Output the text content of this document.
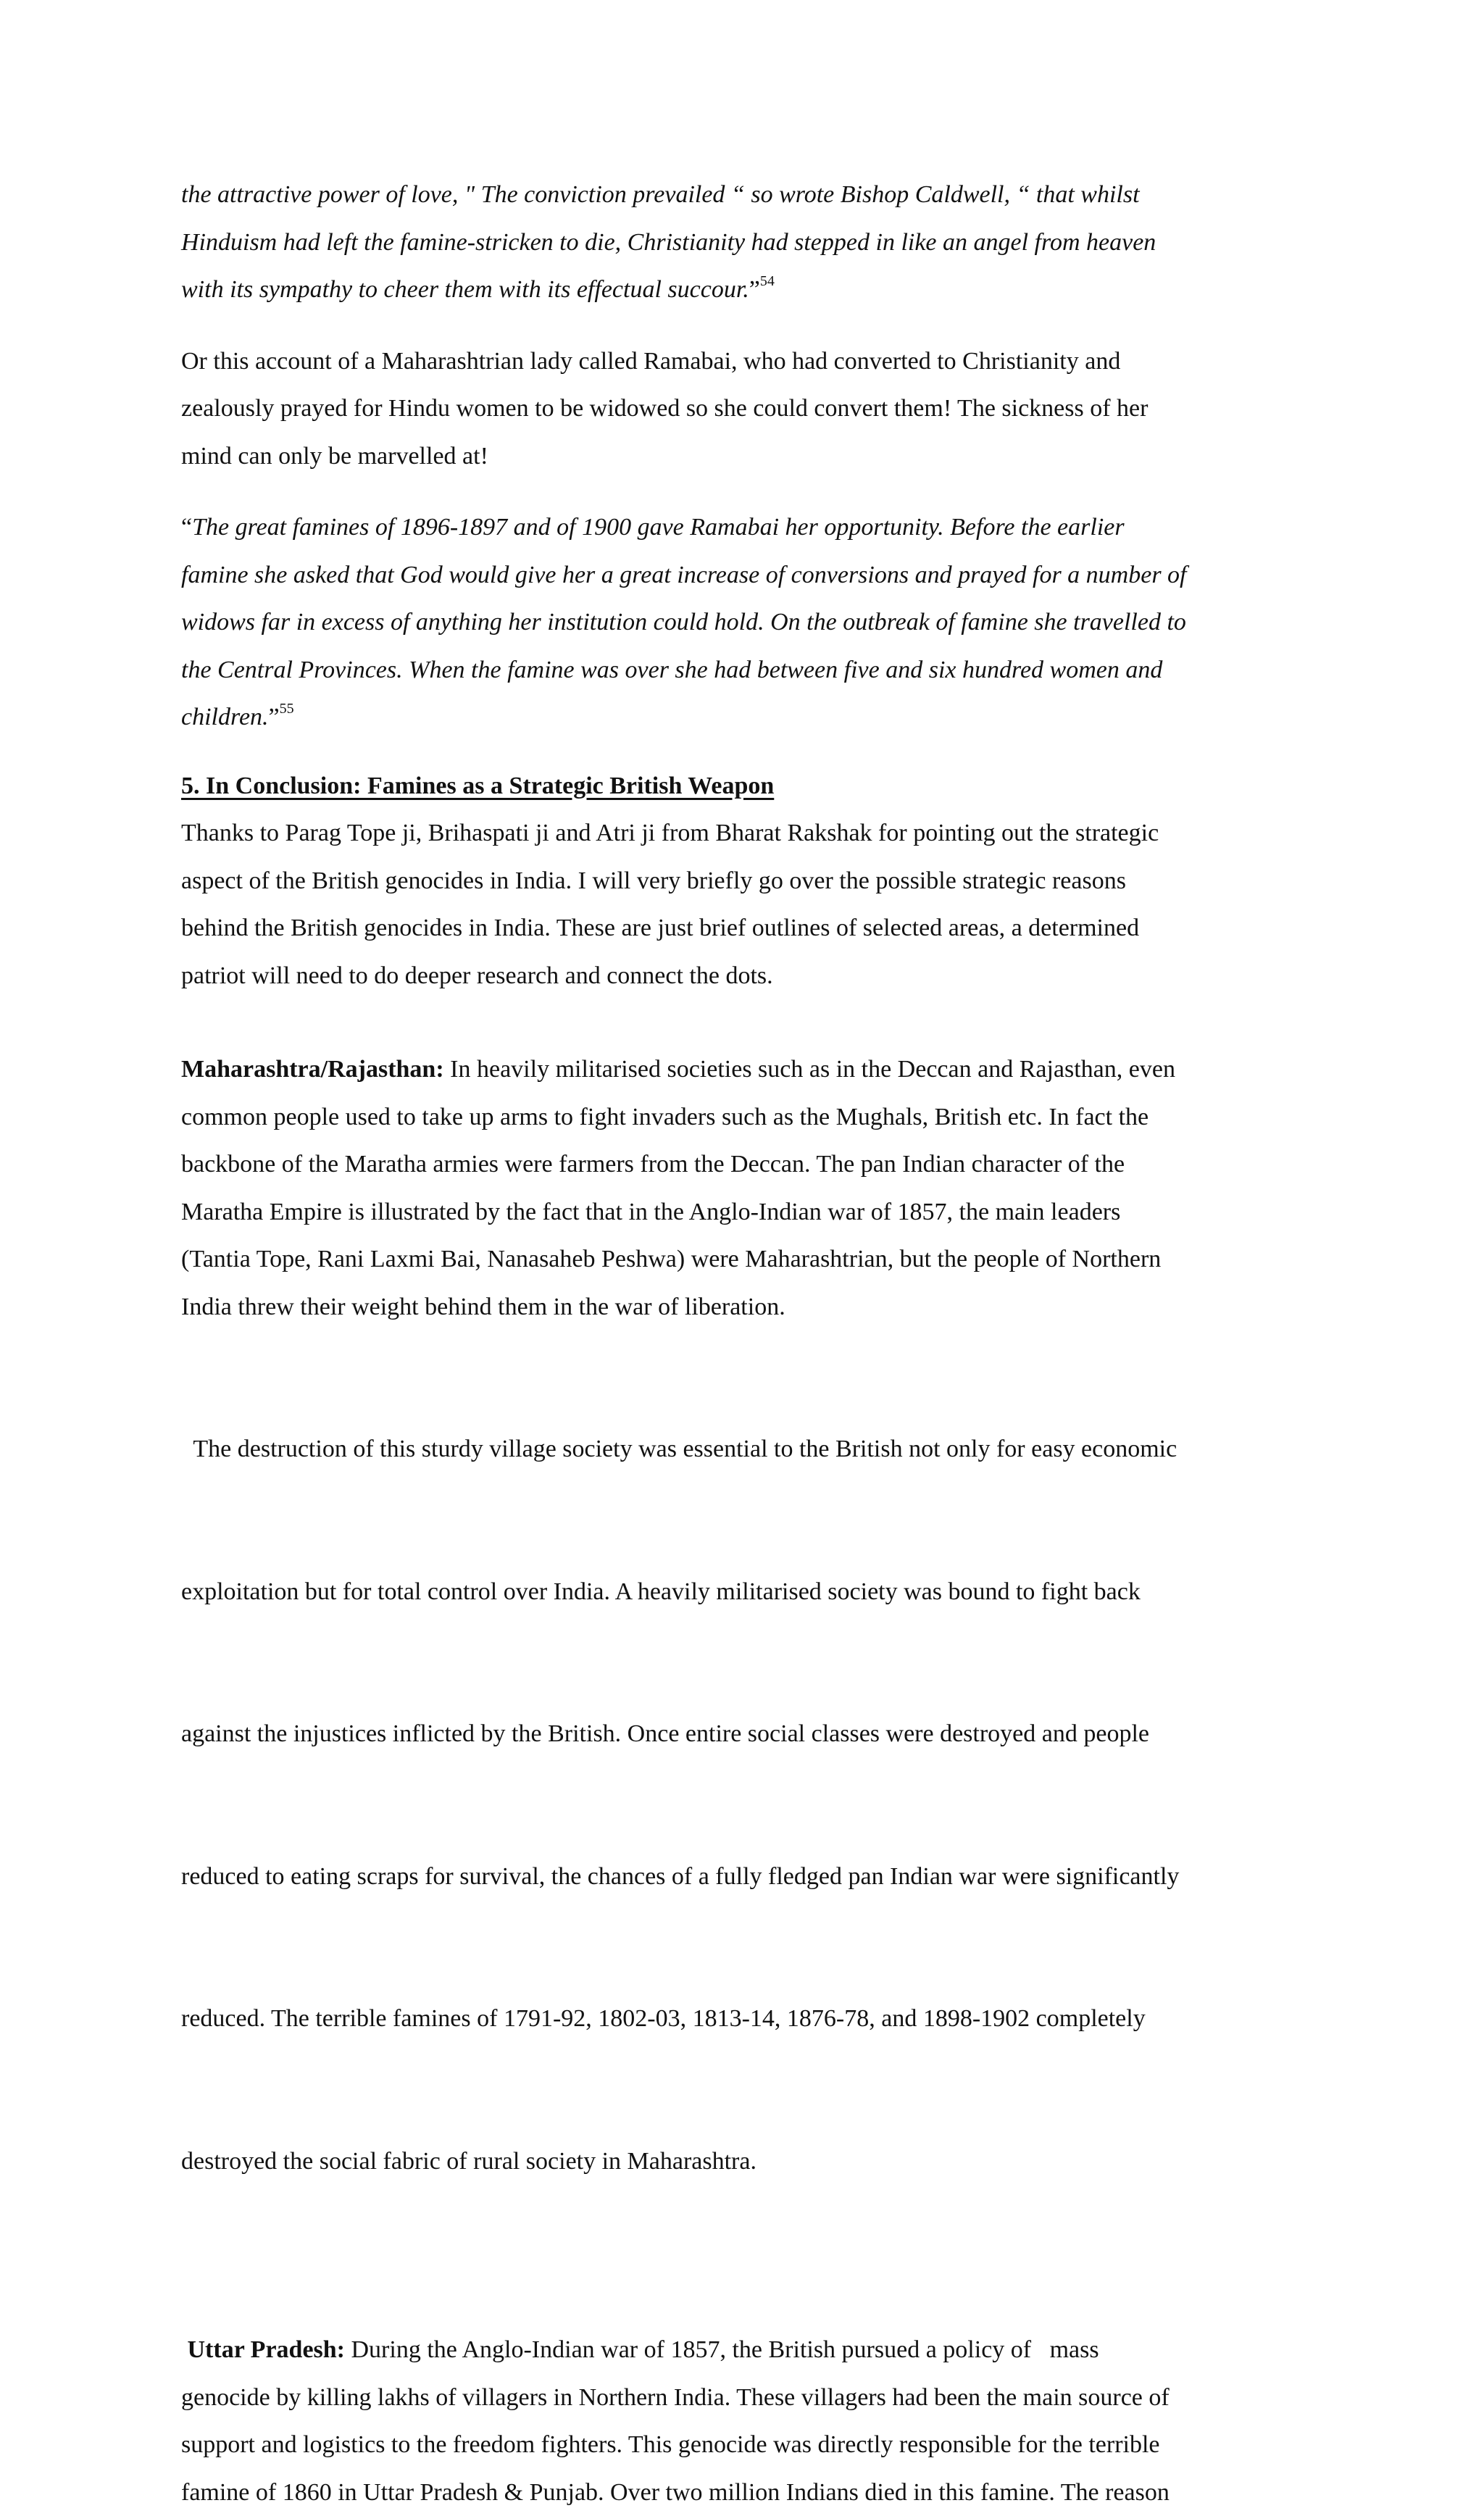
the attractive power of love, " The conviction prevailed “ so wrote Bishop Caldwell, “ that whilst
Hinduism had left the famine-stricken to die, Christianity had stepped in like an angel from heaven
with its sympathy to cheer them with its effectual succour.”$^{54}$
Or this account of a Maharashtrian lady called Ramabai, who had converted to Christianity and
zealously prayed for Hindu women to be widowed so she could convert them! The sickness of her
mind can only be marvelled at!
“The great famines of 1896-1897 and of 1900 gave Ramabai her opportunity. Before the earlier
famine she asked that God would give her a great increase of conversions and prayed for a number of
widows far in excess of anything her institution could hold. On the outbreak of famine she travelled to
the Central Provinces. When the famine was over she had between five and six hundred women and
children.”$^{55}$
5. In Conclusion: Famines as a Strategic British Weapon
Thanks to Parag Tope ji, Brihaspati ji and Atri ji from Bharat Rakshak for pointing out the strategic
aspect of the British genocides in India. I will very briefly go over the possible strategic reasons
behind the British genocides in India. These are just brief outlines of selected areas, a determined
patriot will need to do deeper research and connect the dots.
Maharashtra/Rajasthan: In heavily militarised societies such as in the Deccan and Rajasthan, even
common people used to take up arms to fight invaders such as the Mughals, British etc. In fact the
backbone of the Maratha armies were farmers from the Deccan. The pan Indian character of the
Maratha Empire is illustrated by the fact that in the Anglo-Indian war of 1857, the main leaders
(Tantia Tope, Rani Laxmi Bai, Nanasaheb Peshwa) were Maharashtrian, but the people of Northern
India threw their weight behind them in the war of liberation.

The destruction of this sturdy village society was essential to the British not only for easy economic

exploitation but for total control over India. A heavily militarised society was bound to fight back

against the injustices inflicted by the British. Once entire social classes were destroyed and people

reduced to eating scraps for survival, the chances of a fully fledged pan Indian war were significantly

reduced. The terrible famines of 1791-92, 1802-03, 1813-14, 1876-78, and 1898-1902 completely

destroyed the social fabric of rural society in Maharashtra.

Uttar Pradesh: During the Anglo-Indian war of 1857, the British pursued a policy of   mass
genocide by killing lakhs of villagers in Northern India. These villagers had been the main source of
support and logistics to the freedom fighters. This genocide was directly responsible for the terrible
famine of 1860 in Uttar Pradesh & Punjab. Over two million Indians died in this famine. The reason
